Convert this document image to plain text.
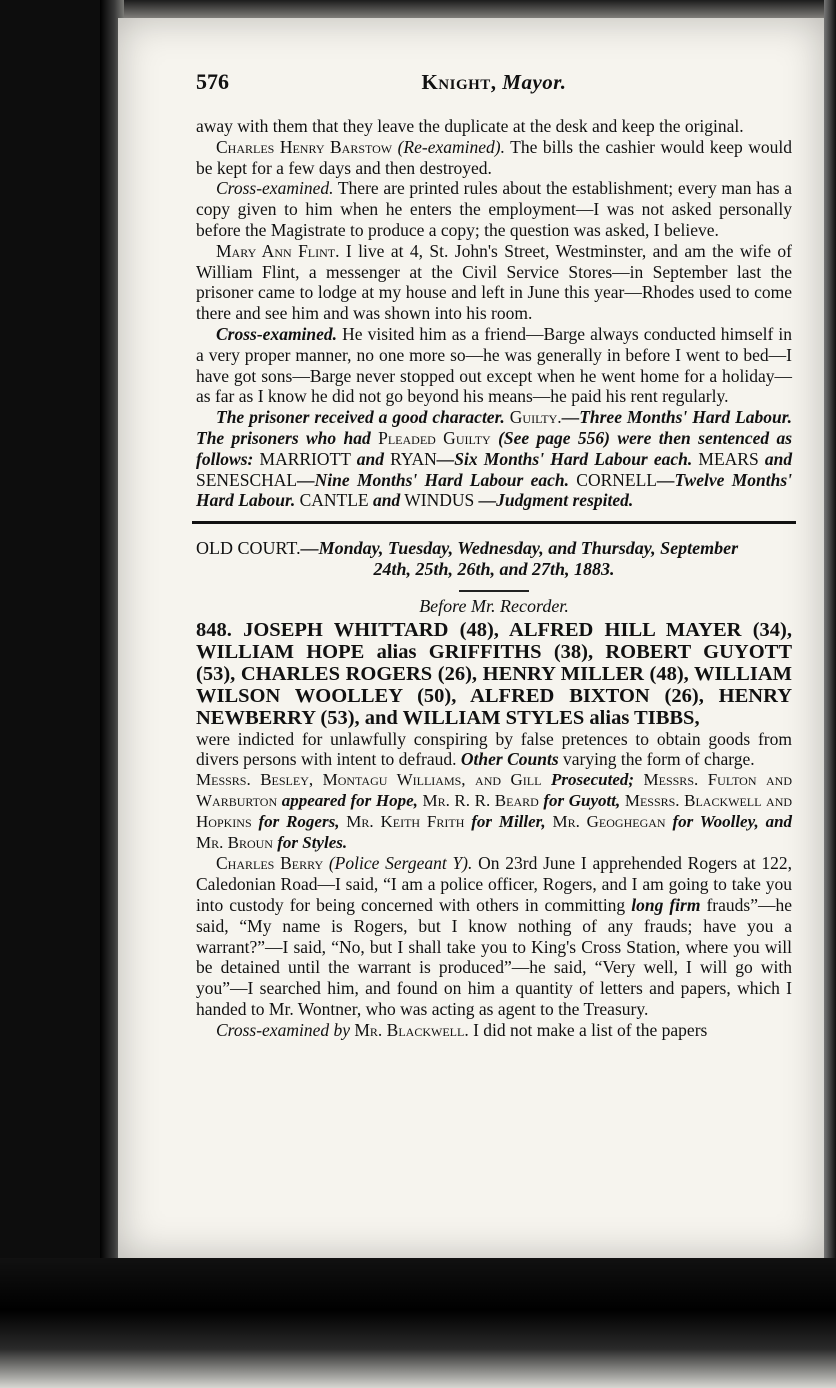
576	Knight, Mayor.

away with them that they leave the duplicate at the desk and keep the original.

Charles Henry Barstow (Re-examined). The bills the cashier would keep would be kept for a few days and then destroyed.

Cross-examined. There are printed rules about the establishment; every man has a copy given to him when he enters the employment—I was not asked personally before the Magistrate to produce a copy; the question was asked, I believe.

Mary Ann Flint. I live at 4, St. John's Street, Westminster, and am the wife of William Flint, a messenger at the Civil Service Stores—in September last the prisoner came to lodge at my house and left in June this year—Rhodes used to come there and see him and was shown into his room.

Cross-examined. He visited him as a friend—Barge always conducted himself in a very proper manner, no one more so—he was generally in before I went to bed—I have got sons—Barge never stopped out except when he went home for a holiday—as far as I know he did not go beyond his means—he paid his rent regularly.

The prisoner received a good character. Guilty.—Three Months' Hard Labour. The prisoners who had Pleaded Guilty (See page 556) were then sentenced as follows: MARRIOTT and RYAN—Six Months' Hard Labour each. MEARS and SENESCHAL—Nine Months' Hard Labour each. CORNELL—Twelve Months' Hard Labour. CANTLE and WINDUS —Judgment respited.

OLD COURT.—Monday, Tuesday, Wednesday, and Thursday, September

24th, 25th, 26th, and 27th, 1883.
Before Mr. Recorder.

848. JOSEPH WHITTARD (48), ALFRED HILL MAYER (34), WILLIAM HOPE alias GRIFFITHS (38), ROBERT GUYOTT (53), CHARLES ROGERS (26), HENRY MILLER (48), WILLIAM WILSON WOOLLEY (50), ALFRED BIXTON (26), HENRY NEWBERRY (53), and WILLIAM STYLES alias TIBBS,

were indicted for unlawfully conspiring by false pretences to obtain goods from divers persons with intent to defraud. Other Counts varying the form of charge.

Messrs. Besley, Montagu Williams, and Gill Prosecuted; Messrs. Fulton and Warburton appeared for Hope, Mr. R. R. Beard for Guyott, Messrs. Blackwell and Hopkins for Rogers, Mr. Keith Frith for Miller, Mr. Geoghegan for Woolley, and Mr. Broun for Styles.

Charles Berry (Police Sergeant Y). On 23rd June I apprehended Rogers at 122, Caledonian Road—I said, “I am a police officer, Rogers, and I am going to take you into custody for being concerned with others in committing long firm frauds”—he said, “My name is Rogers, but I know nothing of any frauds; have you a warrant?”—I said, “No, but I shall take you to King's Cross Station, where you will be detained until the warrant is produced”—he said, “Very well, I will go with you”—I searched him, and found on him a quantity of letters and papers, which I handed to Mr. Wontner, who was acting as agent to the Treasury.

Cross-examined by Mr. Blackwell. I did not make a list of the papers
